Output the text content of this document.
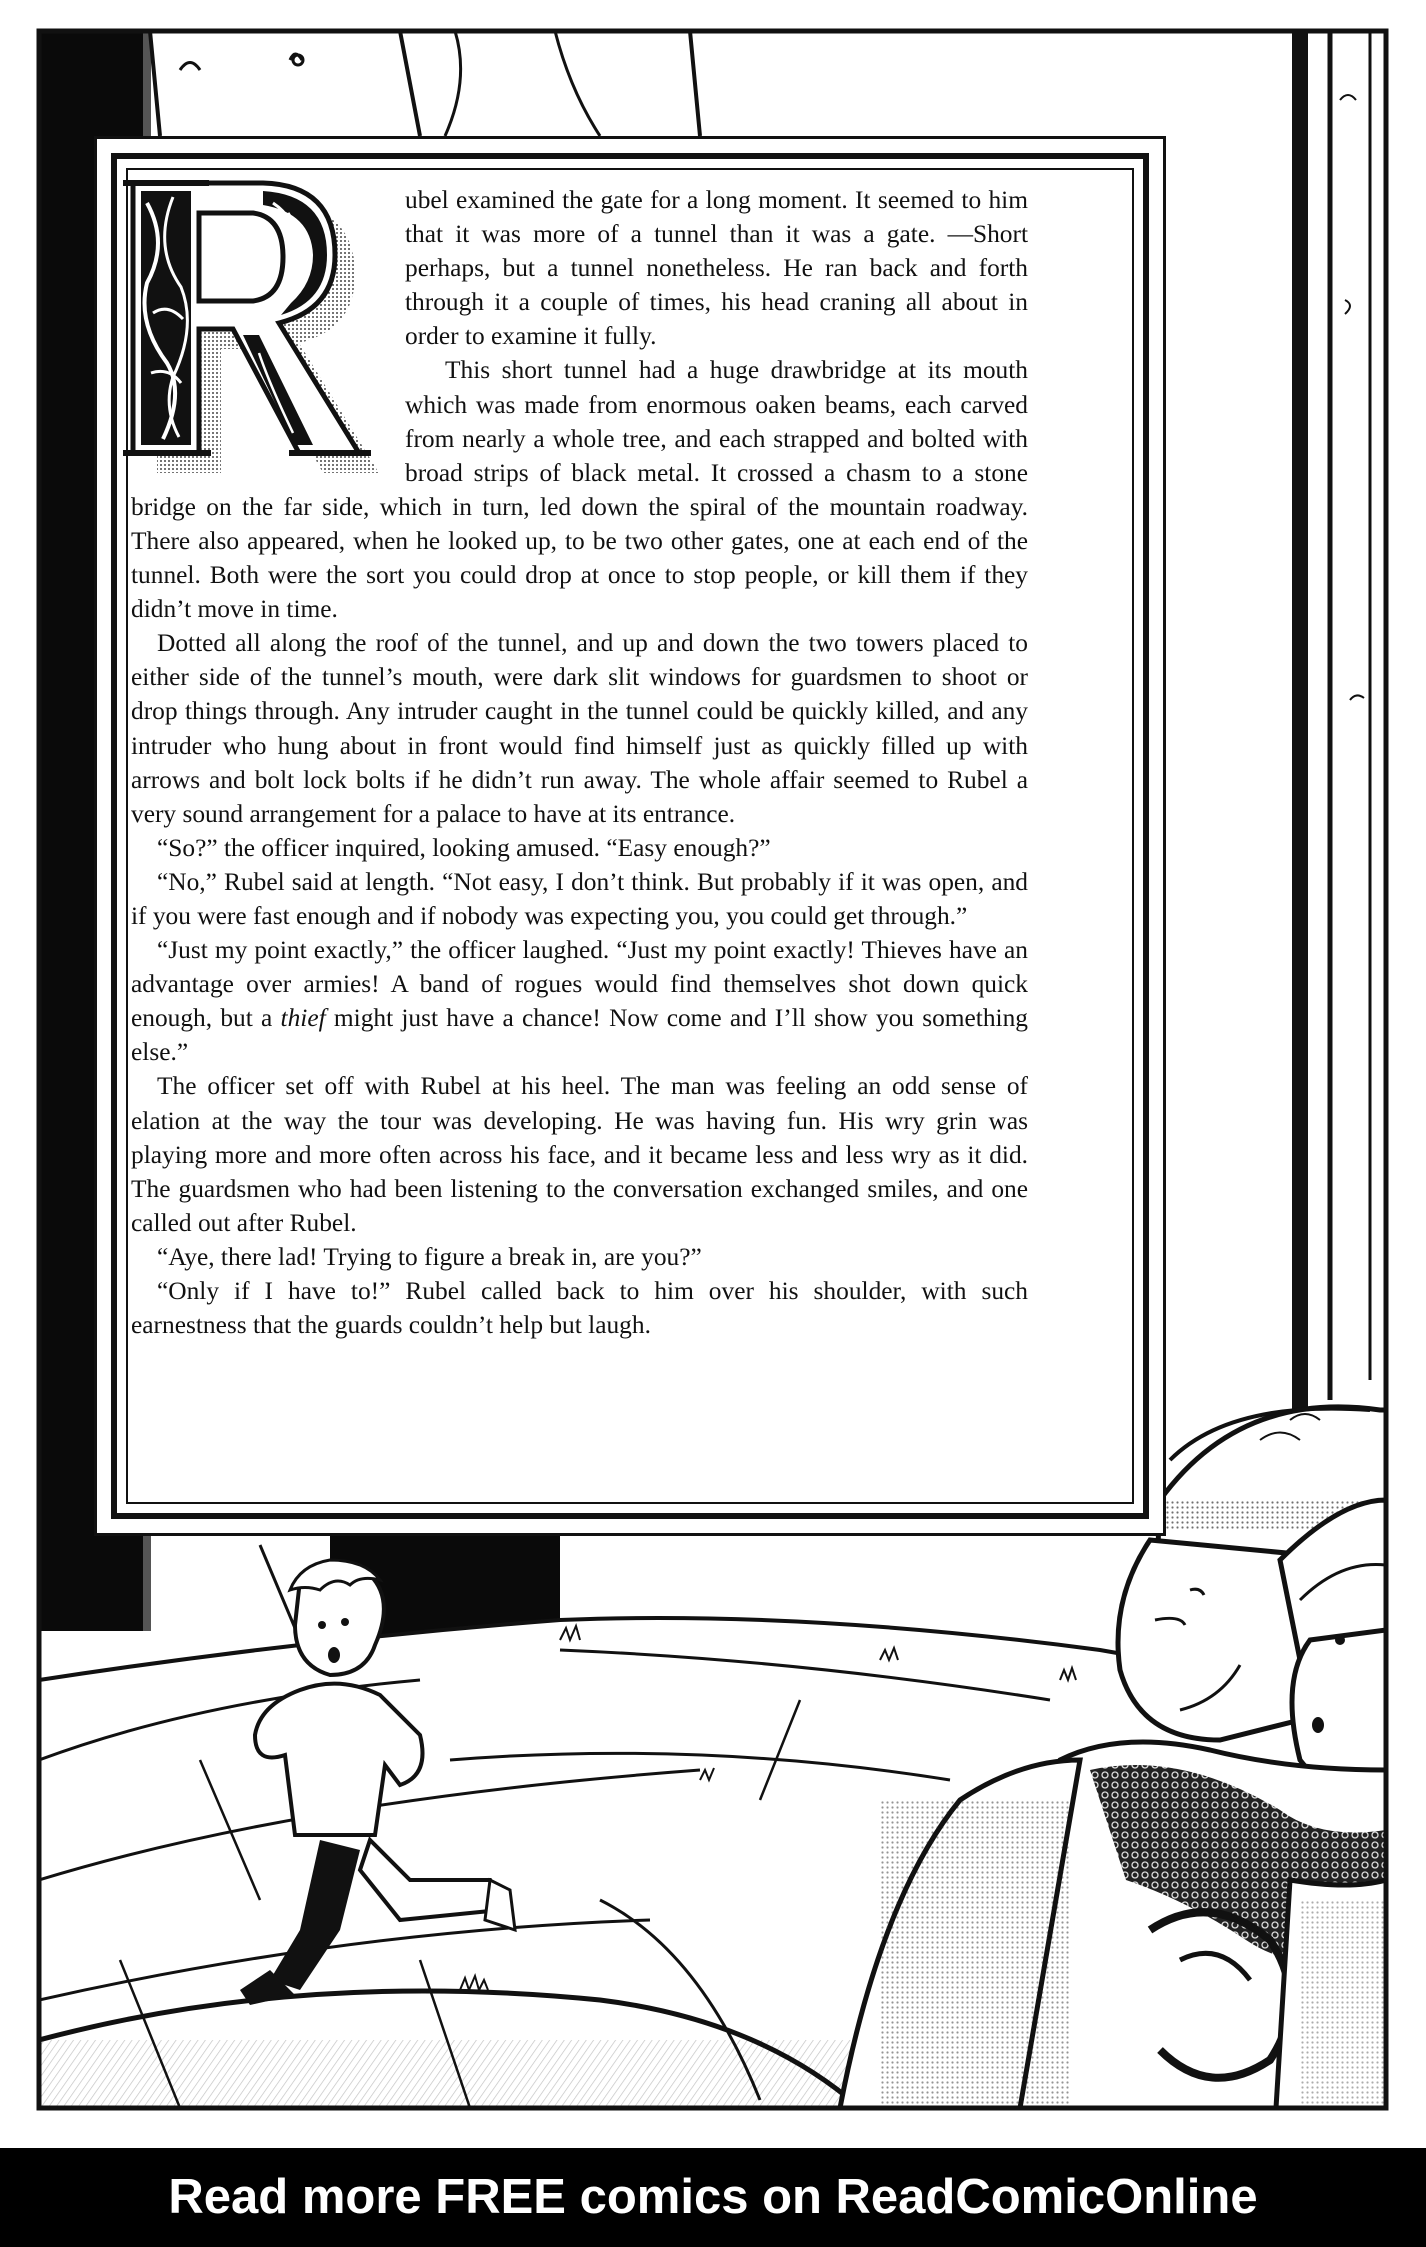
ubel examined the gate for a long moment. It seemed to him that it was more of a tunnel than it was a gate. —Short perhaps, but a tunnel nonetheless. He ran back and forth through it a couple of times, his head craning all about in order to examine it fully.

This short tunnel had a huge drawbridge at its mouth which was made from enormous oaken beams, each carved from nearly a whole tree, and each strapped and bolted with broad strips of black metal. It crossed a chasm to a stone bridge on the far side, which in turn, led down the spiral of the mountain roadway. There also appeared, when he looked up, to be two other gates, one at each end of the tunnel. Both were the sort you could drop at once to stop people, or kill them if they didn’t move in time.

Dotted all along the roof of the tunnel, and up and down the two towers placed to either side of the tunnel’s mouth, were dark slit windows for guardsmen to shoot or drop things through. Any intruder caught in the tunnel could be quickly killed, and any intruder who hung about in front would find himself just as quickly filled up with arrows and bolt lock bolts if he didn’t run away. The whole affair seemed to Rubel a very sound arrangement for a palace to have at its entrance.

“So?” the officer inquired, looking amused. “Easy enough?”

“No,” Rubel said at length. “Not easy, I don’t think. But probably if it was open, and if you were fast enough and if nobody was expecting you, you could get through.”

“Just my point exactly,” the officer laughed. “Just my point exactly! Thieves have an advantage over armies! A band of rogues would find themselves shot down quick enough, but a thief might just have a chance! Now come and I’ll show you something else.”

The officer set off with Rubel at his heel. The man was feeling an odd sense of elation at the way the tour was developing. He was having fun. His wry grin was playing more and more often across his face, and it became less and less wry as it did. The guardsmen who had been listening to the conversation exchanged smiles, and one called out after Rubel.

“Aye, there lad! Trying to figure a break in, are you?”

“Only if I have to!” Rubel called back to him over his shoulder, with such earnestness that the guards couldn’t help but laugh.

Read more FREE comics on ReadComicOnline
